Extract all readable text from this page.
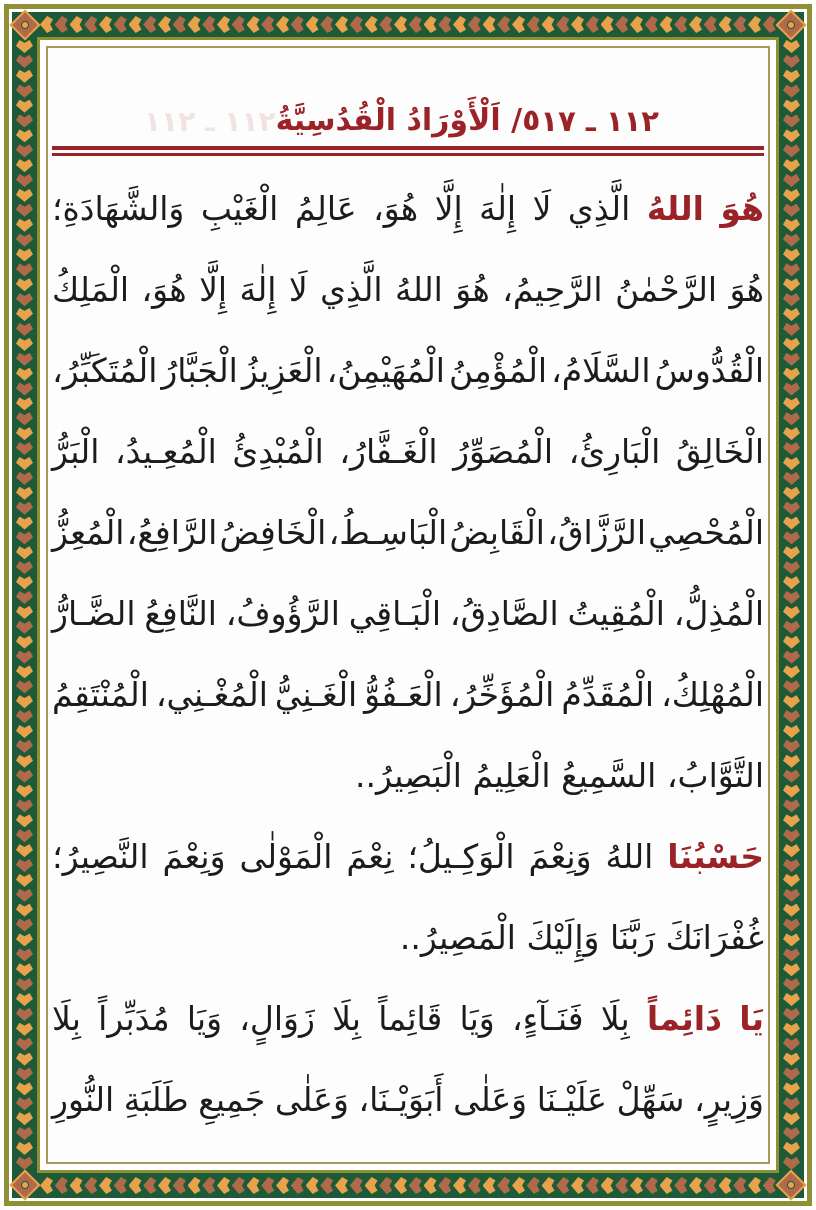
١١٢ ـ ١٧
٥/ اَلْأَوْرَادُ الْقُدُسِيَّةُ
١١٢ ـ ١١٢
هُوَ
اللهُ
الَّذِي
لَا
إِلٰهَ
إِلَّا
هُوَ،
عَالِمُ
الْغَيْبِ
وَالشَّهَادَةِ؛
هُوَ
الرَّحْمٰنُ
الرَّحِيمُ،
هُوَ
اللهُ
الَّذِي
لَا
إِلٰهَ
إِلَّا
هُوَ،
الْمَلِكُ
الْقُدُّوسُ
السَّلَامُ،
الْمُؤْمِنُ
الْمُهَيْمِنُ،
الْعَزِيزُ
الْجَبَّارُ
الْمُتَكَبِّرُ،
الْخَالِقُ
الْبَارِئُ،
الْمُصَوِّرُ
الْغَـفَّارُ،
الْمُبْدِئُ
الْمُعِـيدُ،
الْبَرُّ
الْمُحْصِي
الرَّزَّاقُ،
الْقَابِضُ
الْبَاسِـطُ،
الْخَافِضُ
الرَّافِعُ،
الْمُعِزُّ
الْمُذِلُّ،
الْمُقِيتُ
الصَّادِقُ،
الْبَـاقِي
الرَّؤُوفُ،
النَّافِعُ
الضَّـارُّ
الْمُهْلِكُ،
الْمُقَدِّمُ
الْمُؤَخِّرُ،
الْعَـفُوُّ
الْغَـنِيُّ
الْمُغْـنِي،
الْمُنْتَقِمُ
التَّوَّابُ،
السَّمِيعُ
الْعَلِيمُ
الْبَصِيرُ..
حَسْبُنَا
اللهُ
وَنِعْمَ
الْوَكِـيلُ؛
نِعْمَ
الْمَوْلٰى
وَنِعْمَ
النَّصِيرُ؛
غُفْرَانَكَ
رَبَّنَا
وَإِلَيْكَ
الْمَصِيرُ..
يَا
دَائِماً
بِلَا
فَنَـآءٍ،
وَيَا
قَائِماً
بِلَا
زَوَالٍ،
وَيَا
مُدَبِّراً
بِلَا
وَزِيرٍ،
سَهِّلْ
عَلَيْـنَا
وَعَلٰى
أَبَوَيْـنَا،
وَعَلٰى
جَمِيعِ
طَلَبَةِ
النُّورِ
